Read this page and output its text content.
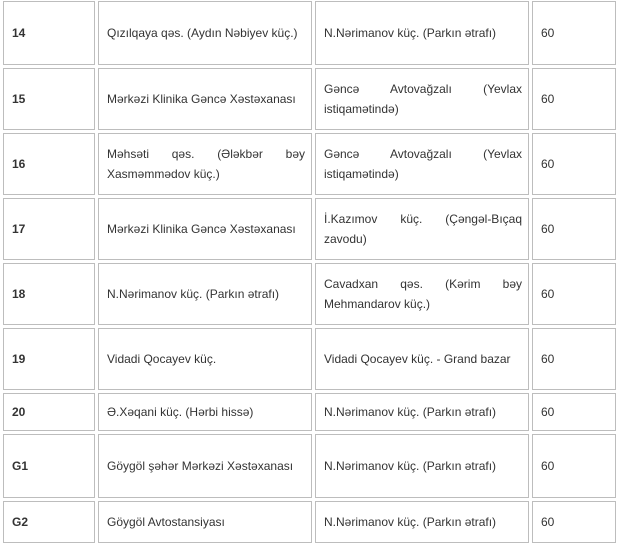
14	Qızılqaya qəs. (Aydın Nəbiyev küç.)	N.Nərimanov küç. (Parkın ətrafı)	60
15	Mərkəzi Klinika Gəncə Xəstəxanası	Gəncə Avtovağzalı (Yevlax istiqamətində)	60
16	Məhsəti qəs. (Ələkbər bəy Xasməmmədov küç.)	Gəncə Avtovağzalı (Yevlax istiqamətində)	60
17	Mərkəzi Klinika Gəncə Xəstəxanası	İ.Kazımov küç. (Çəngəl-Bıçaq zavodu)	60
18	N.Nərimanov küç. (Parkın ətrafı)	Cavadxan qəs. (Kərim bəy Mehmandarov küç.)	60
19	Vidadi Qocayev küç.	Vidadi Qocayev küç. - Grand bazar	60
20	Ə.Xəqani küç. (Hərbi hissə)	N.Nərimanov küç. (Parkın ətrafı)	60
G1	Göygöl şəhər Mərkəzi Xəstəxanası	N.Nərimanov küç. (Parkın ətrafı)	60
G2	Göygöl Avtostansiyası	N.Nərimanov küç. (Parkın ətrafı)	60
